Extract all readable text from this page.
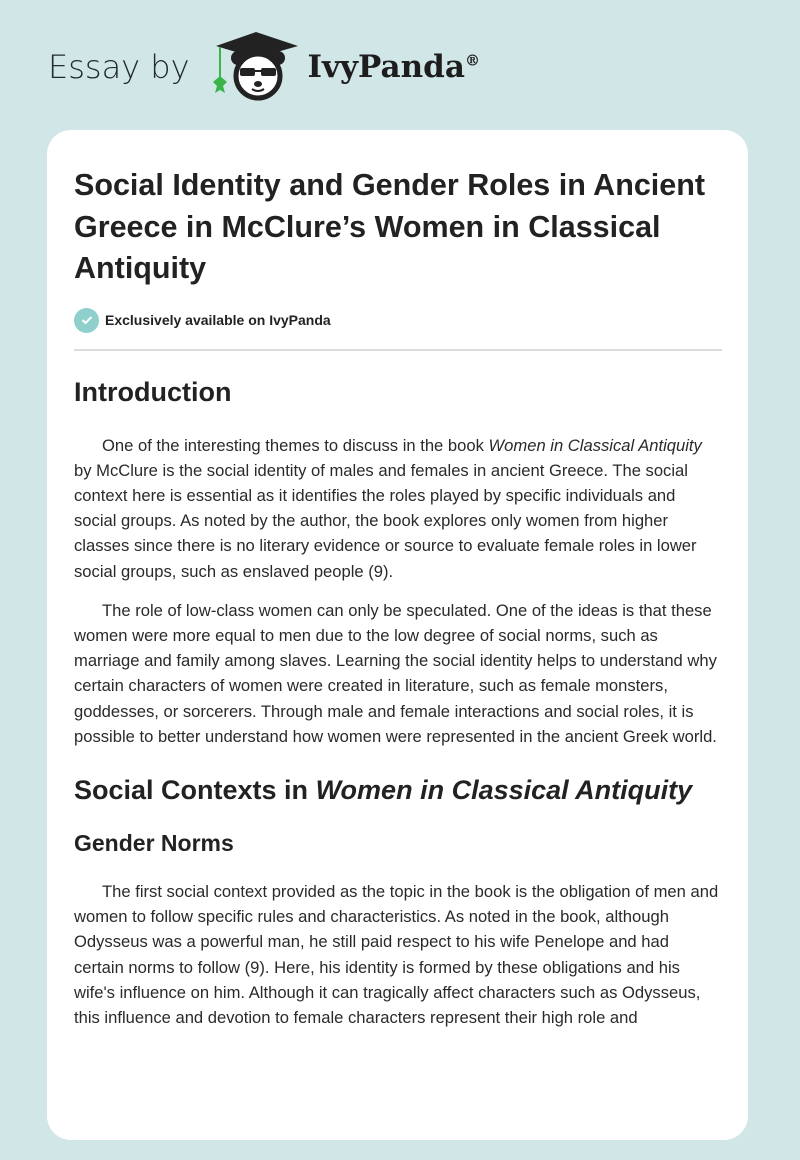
Essay by	IvyPanda®
Social Identity and Gender Roles in Ancient Greece in McClure’s Women in Classical Antiquity
Exclusively available on IvyPanda
Introduction

One of the interesting themes to discuss in the book Women in Classical Antiquity by McClure is the social identity of males and females in ancient Greece. The social context here is essential as it identifies the roles played by specific individuals and social groups. As noted by the author, the book explores only women from higher classes since there is no literary evidence or source to evaluate female roles in lower social groups, such as enslaved people (9).

The role of low-class women can only be speculated. One of the ideas is that these women were more equal to men due to the low degree of social norms, such as marriage and family among slaves. Learning the social identity helps to understand why certain characters of women were created in literature, such as female monsters, goddesses, or sorcerers. Through male and female interactions and social roles, it is possible to better understand how women were represented in the ancient Greek world.

Social Contexts in Women in Classical Antiquity
Gender Norms

The first social context provided as the topic in the book is the obligation of men and women to follow specific rules and characteristics. As noted in the book, although Odysseus was a powerful man, he still paid respect to his wife Penelope and had certain norms to follow (9). Here, his identity is formed by these obligations and his wife's influence on him. Although it can tragically affect characters such as Odysseus, this influence and devotion to female characters represent their high role and
